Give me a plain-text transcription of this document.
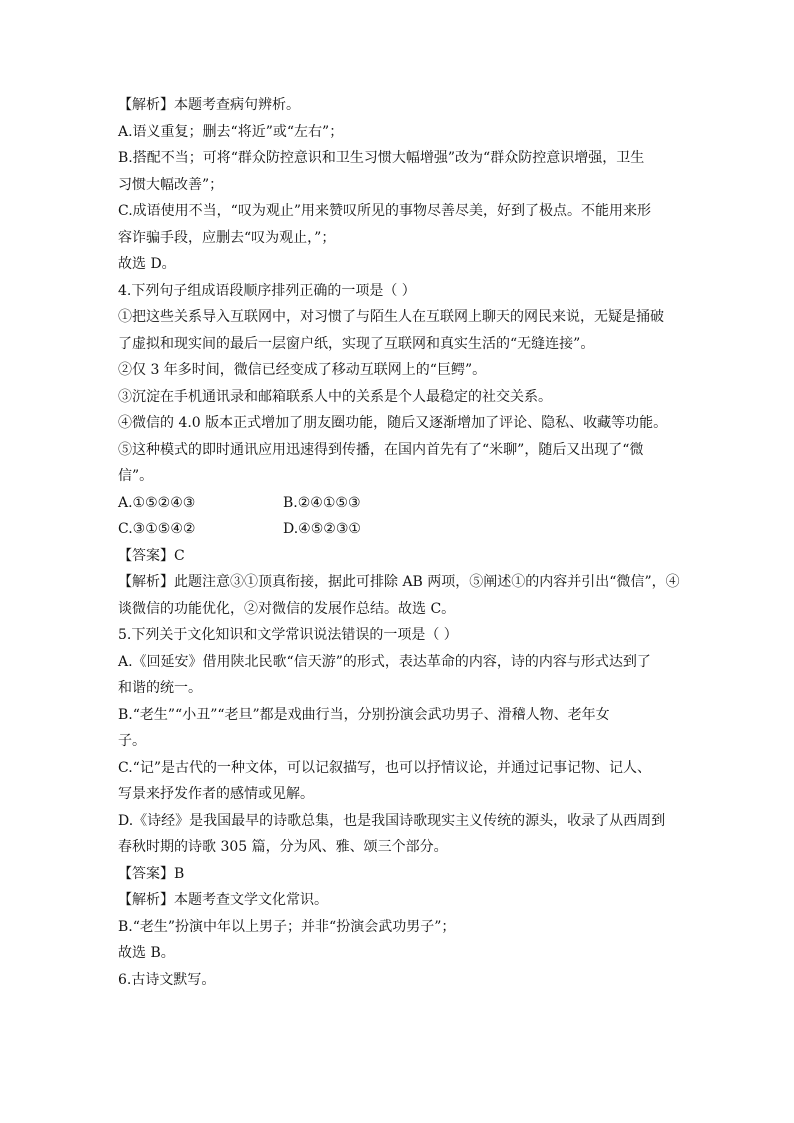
【解析】本题考查病句辨析。
A.语义重复；删去“将近”或“左右”；
B.搭配不当；可将“群众防控意识和卫生习惯大幅增强”改为“群众防控意识增强，卫生
习惯大幅改善”；
C.成语使用不当，“叹为观止”用来赞叹所见的事物尽善尽美，好到了极点。不能用来形
容诈骗手段，应删去“叹为观止，”；
故选 D。
4.下列句子组成语段顺序排列正确的一项是（ ）
①把这些关系导入互联网中，对习惯了与陌生人在互联网上聊天的网民来说，无疑是捅破
了虚拟和现实间的最后一层窗户纸，实现了互联网和真实生活的“无缝连接”。
②仅 3 年多时间，微信已经变成了移动互联网上的“巨鳄”。
③沉淀在手机通讯录和邮箱联系人中的关系是个人最稳定的社交关系。
④微信的 4.0 版本正式增加了朋友圈功能，随后又逐渐增加了评论、隐私、收藏等功能。
⑤这种模式的即时通讯应用迅速得到传播，在国内首先有了“米聊”，随后又出现了“微
信”。
A.①⑤②④③	B.②④①⑤③
C.③①⑤④②	D.④⑤②③①
【答案】C
【解析】此题注意③①顶真衔接，据此可排除 AB 两项，⑤阐述①的内容并引出“微信”，④
谈微信的功能优化，②对微信的发展作总结。故选 C。
5.下列关于文化知识和文学常识说法错误的一项是（ ）
A.《回延安》借用陕北民歌“信天游”的形式，表达革命的内容，诗的内容与形式达到了
和谐的统一。
B.“老生”“小丑”“老旦”都是戏曲行当，分别扮演会武功男子、滑稽人物、老年女
子。
C.“记”是古代的一种文体，可以记叙描写，也可以抒情议论，并通过记事记物、记人、
写景来抒发作者的感情或见解。
D.《诗经》是我国最早的诗歌总集，也是我国诗歌现实主义传统的源头，收录了从西周到
春秋时期的诗歌 305 篇，分为风、雅、颂三个部分。
【答案】B
【解析】本题考查文学文化常识。
B.“老生”扮演中年以上男子；并非“扮演会武功男子”；
故选 B。
6.古诗文默写。
